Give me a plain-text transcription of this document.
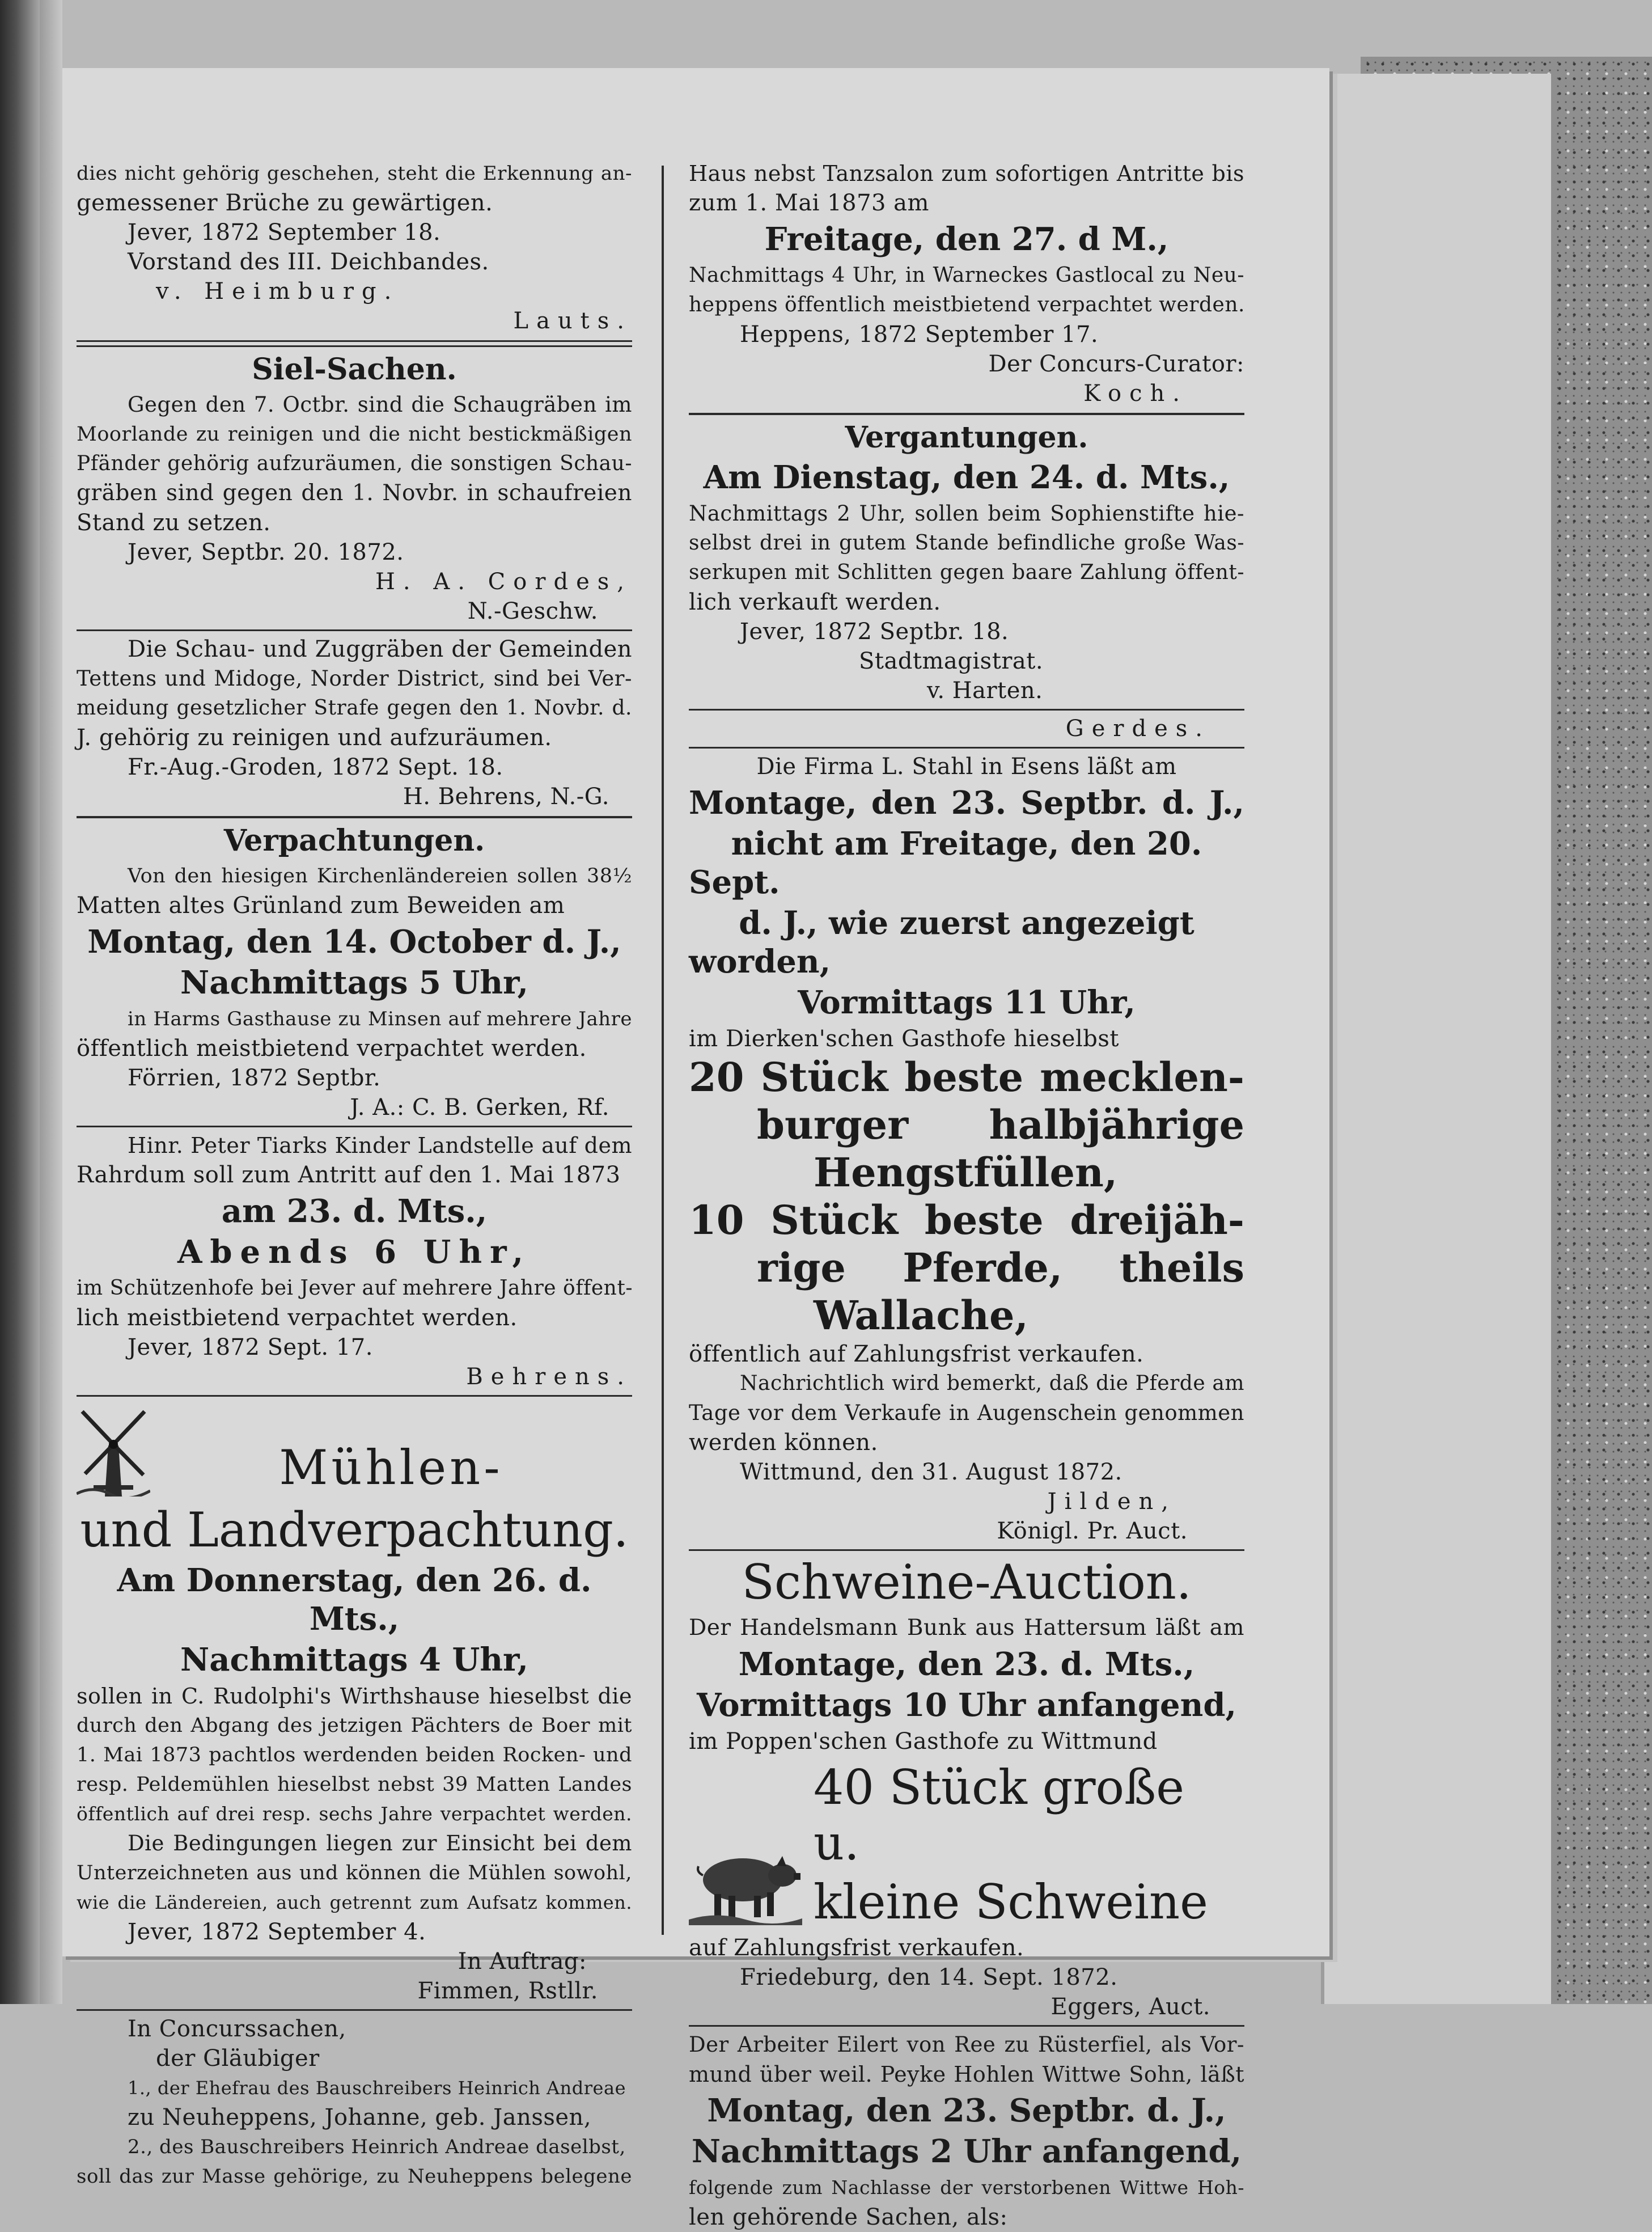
dies nicht gehörig geschehen, steht die Erkennung an-

gemessener Brüche zu gewärtigen.

Jever, 1872 September 18.

Vorstand des III. Deichbandes.

v. Heimburg.

Lauts.

Siel-Sachen.

Gegen den 7. Octbr. sind die Schaugräben im

Moorlande zu reinigen und die nicht bestickmäßigen

Pfänder gehörig aufzuräumen, die sonstigen Schau-

gräben sind gegen den 1. Novbr. in schaufreien

Stand zu setzen.

Jever, Septbr. 20. 1872.

H. A. Cordes,

N.-Geschw.

Die Schau- und Zuggräben der Gemeinden

Tettens und Midoge, Norder District, sind bei Ver-

meidung gesetzlicher Strafe gegen den 1. Novbr. d.

J. gehörig zu reinigen und aufzuräumen.

Fr.-Aug.-Groden, 1872 Sept. 18.

H. Behrens, N.-G.

Verpachtungen.

Von den hiesigen Kirchenländereien sollen 38½

Matten altes Grünland zum Beweiden am

Montag, den 14. October d. J.,

Nachmittags 5 Uhr,

in Harms Gasthause zu Minsen auf mehrere Jahre

öffentlich meistbietend verpachtet werden.

Förrien, 1872 Septbr.

J. A.: C. B. Gerken, Rf.

Hinr. Peter Tiarks Kinder Landstelle auf dem

Rahrdum soll zum Antritt auf den 1. Mai 1873

am 23. d. Mts.,

Abends 6 Uhr,

im Schützenhofe bei Jever auf mehrere Jahre öffent-

lich meistbietend verpachtet werden.

Jever, 1872 Sept. 17.

Behrens.

Mühlen-

und Landverpachtung.

Am Donnerstag, den 26. d. Mts.,

Nachmittags 4 Uhr,

sollen in C. Rudolphi's Wirthshause hieselbst die

durch den Abgang des jetzigen Pächters de Boer mit

1. Mai 1873 pachtlos werdenden beiden Rocken- und

resp. Peldemühlen hieselbst nebst 39 Matten Landes

öffentlich auf drei resp. sechs Jahre verpachtet werden.

Die Bedingungen liegen zur Einsicht bei dem

Unterzeichneten aus und können die Mühlen sowohl,

wie die Ländereien, auch getrennt zum Aufsatz kommen.

Jever, 1872 September 4.

In Auftrag:

Fimmen, Rstllr.

In Concurssachen,

der Gläubiger

1., der Ehefrau des Bauschreibers Heinrich Andreae

zu Neuheppens, Johanne, geb. Janssen,

2., des Bauschreibers Heinrich Andreae daselbst,

soll das zur Masse gehörige, zu Neuheppens belegene

Haus nebst Tanzsalon zum sofortigen Antritte bis

zum 1. Mai 1873 am

Freitage, den 27. d M.,

Nachmittags 4 Uhr, in Warneckes Gastlocal zu Neu-

heppens öffentlich meistbietend verpachtet werden.

Heppens, 1872 September 17.

Der Concurs-Curator:

Koch.

Vergantungen.

Am Dienstag, den 24. d. Mts.,

Nachmittags 2 Uhr, sollen beim Sophienstifte hie-

selbst drei in gutem Stande befindliche große Was-

serkupen mit Schlitten gegen baare Zahlung öffent-

lich verkauft werden.

Jever, 1872 Septbr. 18.

Stadtmagistrat.

v. Harten.

Gerdes.

Die Firma L. Stahl in Esens läßt am

Montage, den 23. Septbr. d. J.,

nicht am Freitage, den 20. Sept.

d. J., wie zuerst angezeigt worden,

Vormittags 11 Uhr,

im Dierken'schen Gasthofe hieselbst

20 Stück beste mecklen-

burger halbjährige

Hengstfüllen,

10 Stück beste dreijäh-

rige Pferde, theils

Wallache,

öffentlich auf Zahlungsfrist verkaufen.

Nachrichtlich wird bemerkt, daß die Pferde am

Tage vor dem Verkaufe in Augenschein genommen

werden können.

Wittmund, den 31. August 1872.

Jilden,

Königl. Pr. Auct.

Schweine-Auction.

Der Handelsmann Bunk aus Hattersum läßt am

Montage, den 23. d. Mts.,

Vormittags 10 Uhr anfangend,

im Poppen'schen Gasthofe zu Wittmund

40 Stück große u.

kleine Schweine

auf Zahlungsfrist verkaufen.

Friedeburg, den 14. Sept. 1872.

Eggers, Auct.

Der Arbeiter Eilert von Ree zu Rüsterfiel, als Vor-

mund über weil. Peyke Hohlen Wittwe Sohn, läßt

Montag, den 23. Septbr. d. J.,

Nachmittags 2 Uhr anfangend,

folgende zum Nachlasse der verstorbenen Wittwe Hoh-

len gehörende Sachen, als:
